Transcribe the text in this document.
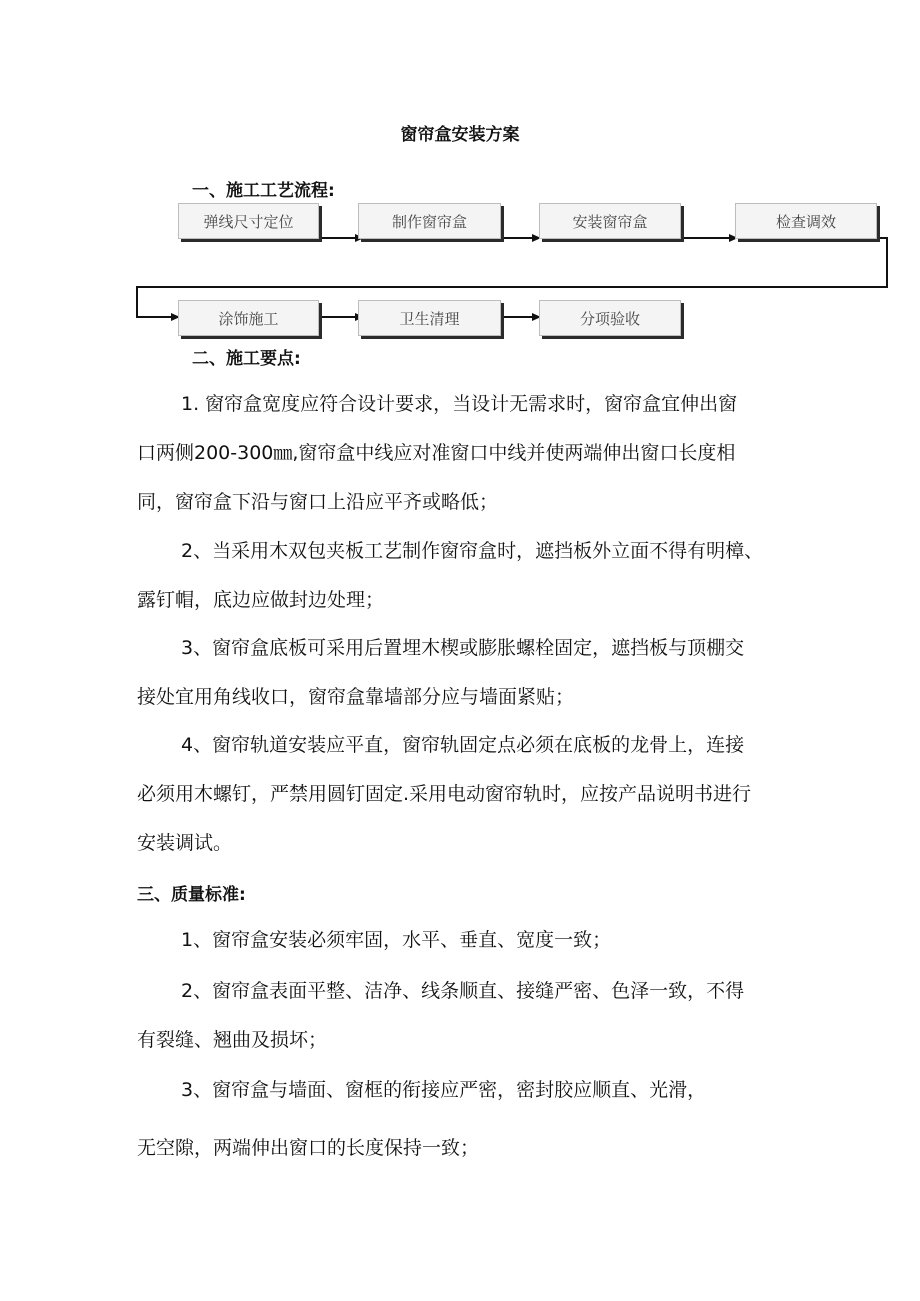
窗帘盒安装方案
一、施工工艺流程:
弹线尺寸定位	制作窗帘盒	安装窗帘盒	检查调效
涂饰施工	卫生清理	分项验收
二、施工要点:
1. 窗帘盒宽度应符合设计要求，当设计无需求时，窗帘盒宜伸出窗
口两侧200-300㎜,窗帘盒中线应对准窗口中线并使两端伸出窗口长度相
同，窗帘盒下沿与窗口上沿应平齐或略低；
2、当采用木双包夹板工艺制作窗帘盒时，遮挡板外立面不得有明樟、
露钉帽，底边应做封边处理；
3、窗帘盒底板可采用后置埋木楔或膨胀螺栓固定，遮挡板与顶棚交
接处宜用角线收口，窗帘盒靠墙部分应与墙面紧贴；
4、窗帘轨道安装应平直，窗帘轨固定点必须在底板的龙骨上，连接
必须用木螺钉，严禁用圆钉固定.采用电动窗帘轨时，应按产品说明书进行
安装调试。
三、质量标准:
1、窗帘盒安装必须牢固，水平、垂直、宽度一致；
2、窗帘盒表面平整、洁净、线条顺直、接缝严密、色泽一致，不得
有裂缝、翘曲及损坏；
3、窗帘盒与墙面、窗框的衔接应严密，密封胶应顺直、光滑，
无空隙，两端伸出窗口的长度保持一致；
